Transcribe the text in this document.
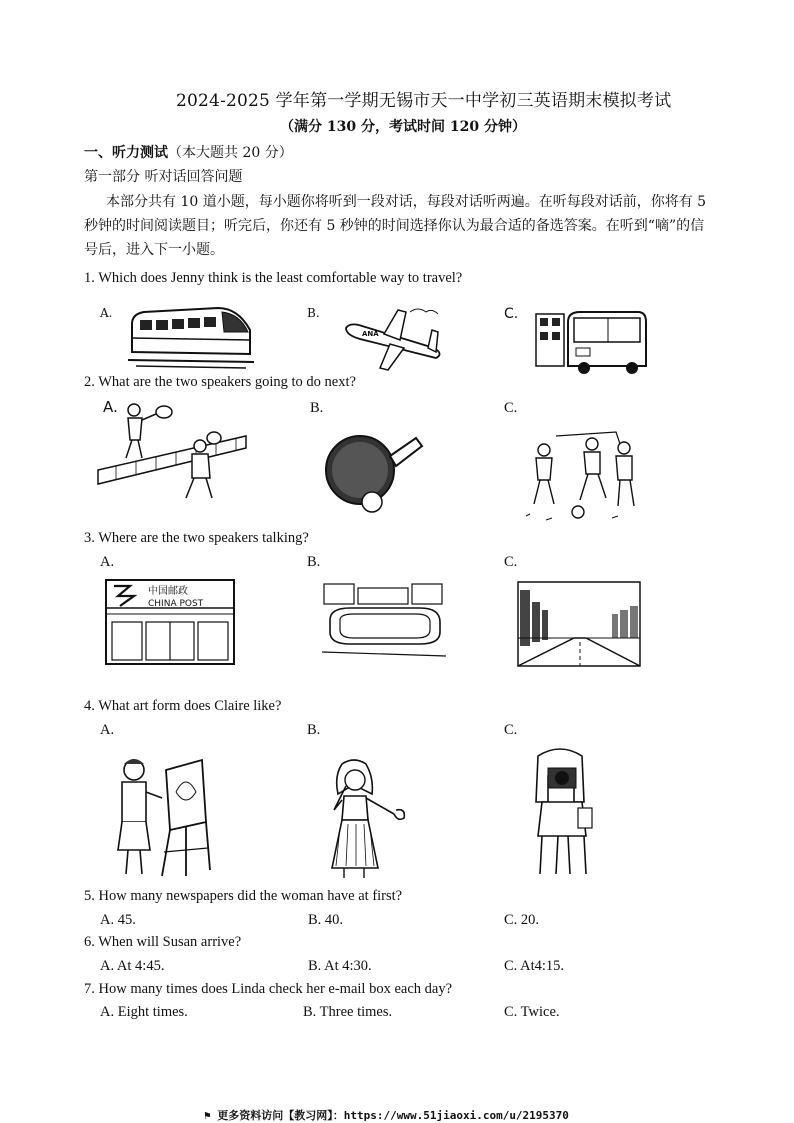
2024-2025 学年第一学期无锡市天一中学初三英语期末模拟考试
（满分 130 分，考试时间 120 分钟）
一、听力测试（本大题共 20 分）
第一部分 听对话回答问题
本部分共有 10 道小题，每小题你将听到一段对话，每段对话听两遍。在听每段对话前，你将有 5 秒钟的时间阅读题目；听完后，你还有 5 秒钟的时间选择你认为最合适的备选答案。在听到“嘀”的信号后，进入下一小题。
1. Which does Jenny think is the least comfortable way to travel?
A.	B.	C.
ANA
2. What are the two speakers going to do next?
A.	B.	C.
3. Where are the two speakers talking?
A.	B.	C.
中国邮政
CHINA POST
4. What art form does Claire like?
A.	B.	C.
5. How many newspapers did the woman have at first?
A. 45.	B. 40.	C. 20.
6. When will Susan arrive?
A. At 4:45.	B. At 4:30.	C. At4:15.
7. How many times does Linda check her e-mail box each day?
A. Eight times.	B. Three times.	C. Twice.
⚑ 更多资料访问【教习网】：https://www.51jiaoxi.com/u/2195370
